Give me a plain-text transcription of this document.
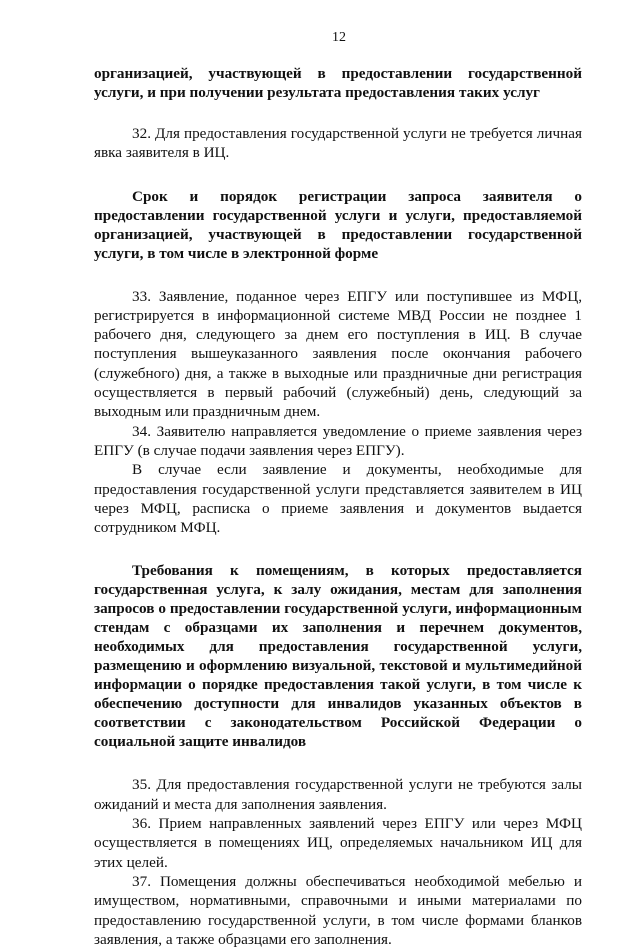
12
организацией, участвующей в предоставлении государственной услуги, и при получении результата предоставления таких услуг
32. Для предоставления государственной услуги не требуется личная явка заявителя в ИЦ.
Срок и порядок регистрации запроса заявителя о предоставлении государственной услуги и услуги, предоставляемой организацией, участвующей в предоставлении государственной услуги, в том числе в электронной форме
33. Заявление, поданное через ЕПГУ или поступившее из МФЦ, регистрируется в информационной системе МВД России не позднее 1 рабочего дня, следующего за днем его поступления в ИЦ. В случае поступления вышеуказанного заявления после окончания рабочего (служебного) дня, а также в выходные или праздничные дни регистрация осуществляется в первый рабочий (служебный) день, следующий за выходным или праздничным днем.
34. Заявителю направляется уведомление о приеме заявления через ЕПГУ (в случае подачи заявления через ЕПГУ).
В случае если заявление и документы, необходимые для предоставления государственной услуги представляется заявителем в ИЦ через МФЦ, расписка о приеме заявления и документов выдается сотрудником МФЦ.
Требования к помещениям, в которых предоставляется государственная услуга, к залу ожидания, местам для заполнения запросов о предоставлении государственной услуги, информационным стендам с образцами их заполнения и перечнем документов, необходимых для предоставления государственной услуги, размещению и оформлению визуальной, текстовой и мультимедийной информации о порядке предоставления такой услуги, в том числе к обеспечению доступности для инвалидов указанных объектов в соответствии с законодательством Российской Федерации о социальной защите инвалидов
35. Для предоставления государственной услуги не требуются залы ожиданий и места для заполнения заявления.
36. Прием направленных заявлений через ЕПГУ или через МФЦ осуществляется в помещениях ИЦ, определяемых начальником ИЦ для этих целей.
37. Помещения должны обеспечиваться необходимой мебелью и имуществом, нормативными, справочными и иными материалами по предоставлению государственной услуги, в том числе формами бланков заявления, а также образцами его заполнения.
